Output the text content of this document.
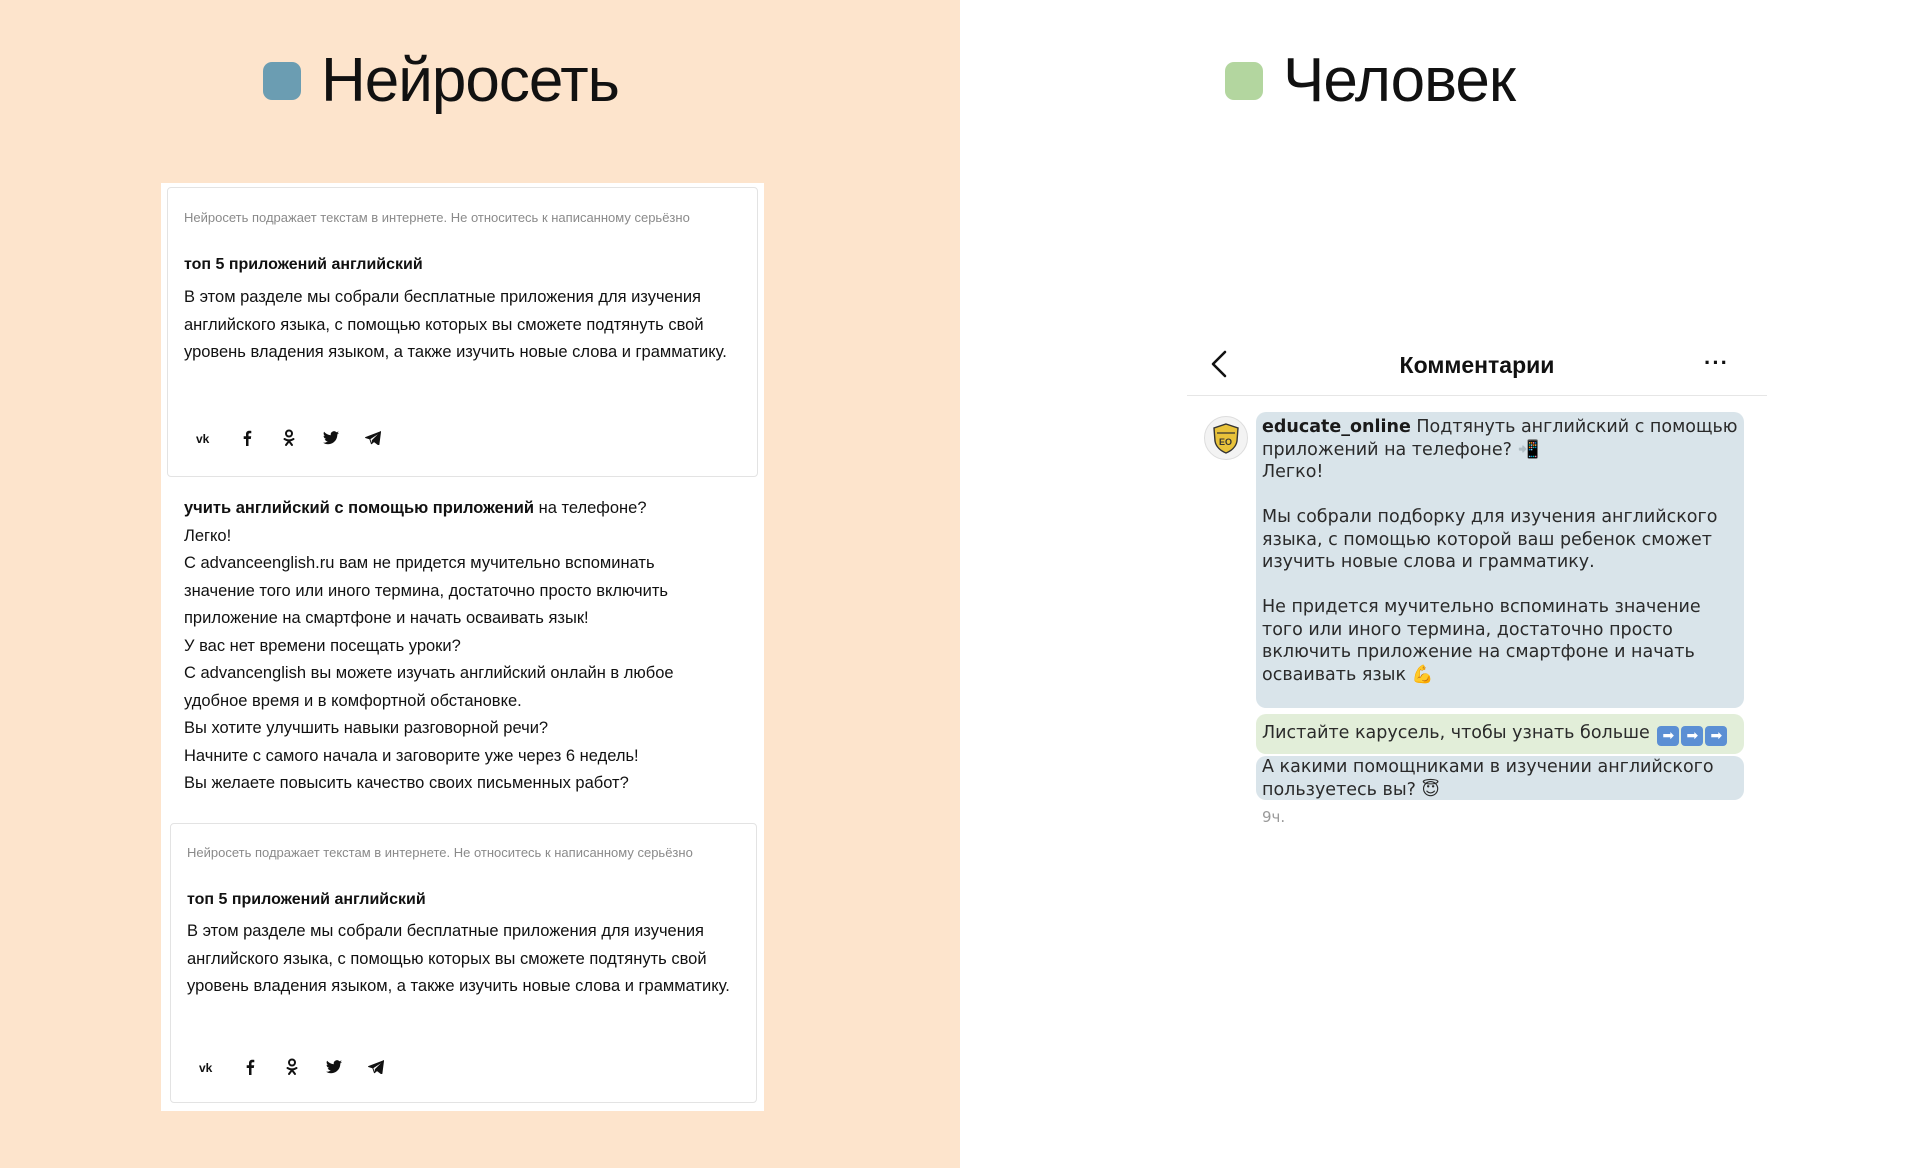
Нейросеть
Нейросеть подражает текстам в интернете. Не относитесь к написанному серьёзно
топ 5 приложений английский
В этом разделе мы собрали бесплатные приложения для изучения английского языка, с помощью которых вы сможете подтянуть свой уровень владения языком, а также изучить новые слова и грамматику.
vk
учить английский с помощью приложений на телефоне?
Легко!
С advanceenglish.ru вам не придется мучительно вспоминать
значение того или иного термина, достаточно просто включить
приложение на смартфоне и начать осваивать язык!
У вас нет времени посещать уроки?
С advancenglish вы можете изучать английский онлайн в любое
удобное время и в комфортной обстановке.
Вы хотите улучшить навыки разговорной речи?
Начните с самого начала и заговорите уже через 6 недель!
Вы желаете повысить качество своих письменных работ?
Нейросеть подражает текстам в интернете. Не относитесь к написанному серьёзно
топ 5 приложений английский
В этом разделе мы собрали бесплатные приложения для изучения английского языка, с помощью которых вы сможете подтянуть свой уровень владения языком, а также изучить новые слова и грамматику.
vk
Человек
Комментарии	···
EO

educate_online Подтянуть английский с помощью приложений на телефоне? 📲

Легко!

Мы собрали подборку для изучения английского языка, с помощью которой ваш ребенок сможет изучить новые слова и грамматику.

Не придется мучительно вспоминать значение того или иного термина, достаточно просто включить приложение на смартфоне и начать осваивать язык 💪

Листайте карусель, чтобы узнать больше ➡ ➡ ➡

А какими помощниками в изучении английского пользуетесь вы? 😇

9ч.
